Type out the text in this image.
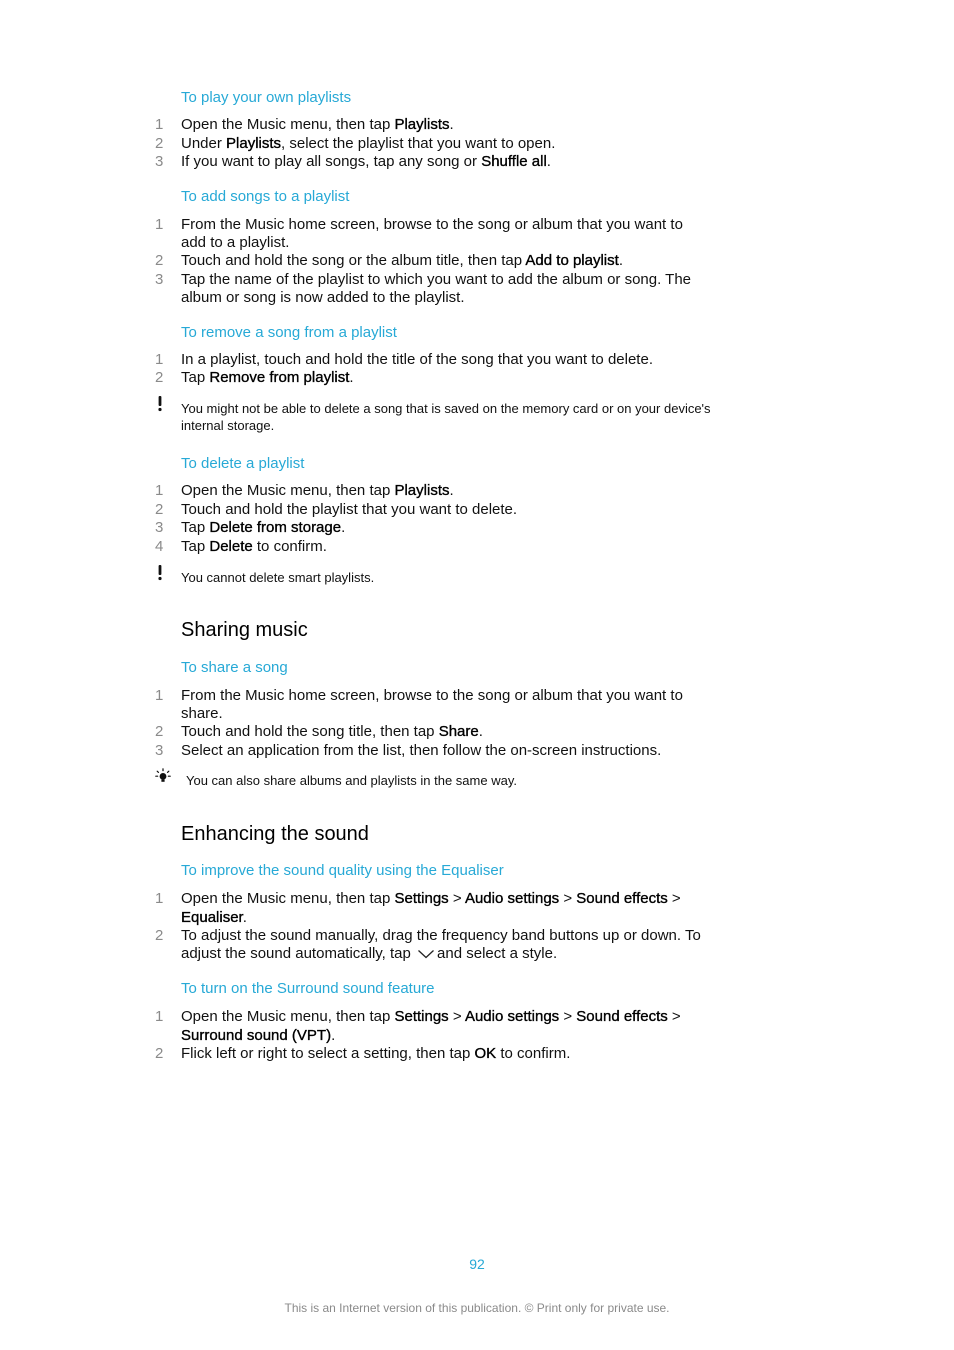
To play your own playlists
1 Open the Music menu, then tap Playlists.
2 Under Playlists, select the playlist that you want to open.
3 If you want to play all songs, tap any song or Shuffle all.
To add songs to a playlist
1 From the Music home screen, browse to the song or album that you want to
add to a playlist.
2 Touch and hold the song or the album title, then tap Add to playlist.
3 Tap the name of the playlist to which you want to add the album or song. The
album or song is now added to the playlist.
To remove a song from a playlist
1 In a playlist, touch and hold the title of the song that you want to delete.
2 Tap Remove from playlist.
You might not be able to delete a song that is saved on the memory card or on your device's
internal storage.
To delete a playlist
1 Open the Music menu, then tap Playlists.
2 Touch and hold the playlist that you want to delete.
3 Tap Delete from storage.
4 Tap Delete to confirm.
You cannot delete smart playlists.
Sharing music
To share a song
1 From the Music home screen, browse to the song or album that you want to
share.
2 Touch and hold the song title, then tap Share.
3 Select an application from the list, then follow the on-screen instructions.
You can also share albums and playlists in the same way.
Enhancing the sound
To improve the sound quality using the Equaliser
1 Open the Music menu, then tap Settings > Audio settings > Sound effects >
Equaliser.
2 To adjust the sound manually, drag the frequency band buttons up or down. To
adjust the sound automatically, tap and select a style.
To turn on the Surround sound feature
1 Open the Music menu, then tap Settings > Audio settings > Sound effects >
Surround sound (VPT).
2 Flick left or right to select a setting, then tap OK to confirm.
92
This is an Internet version of this publication. © Print only for private use.
